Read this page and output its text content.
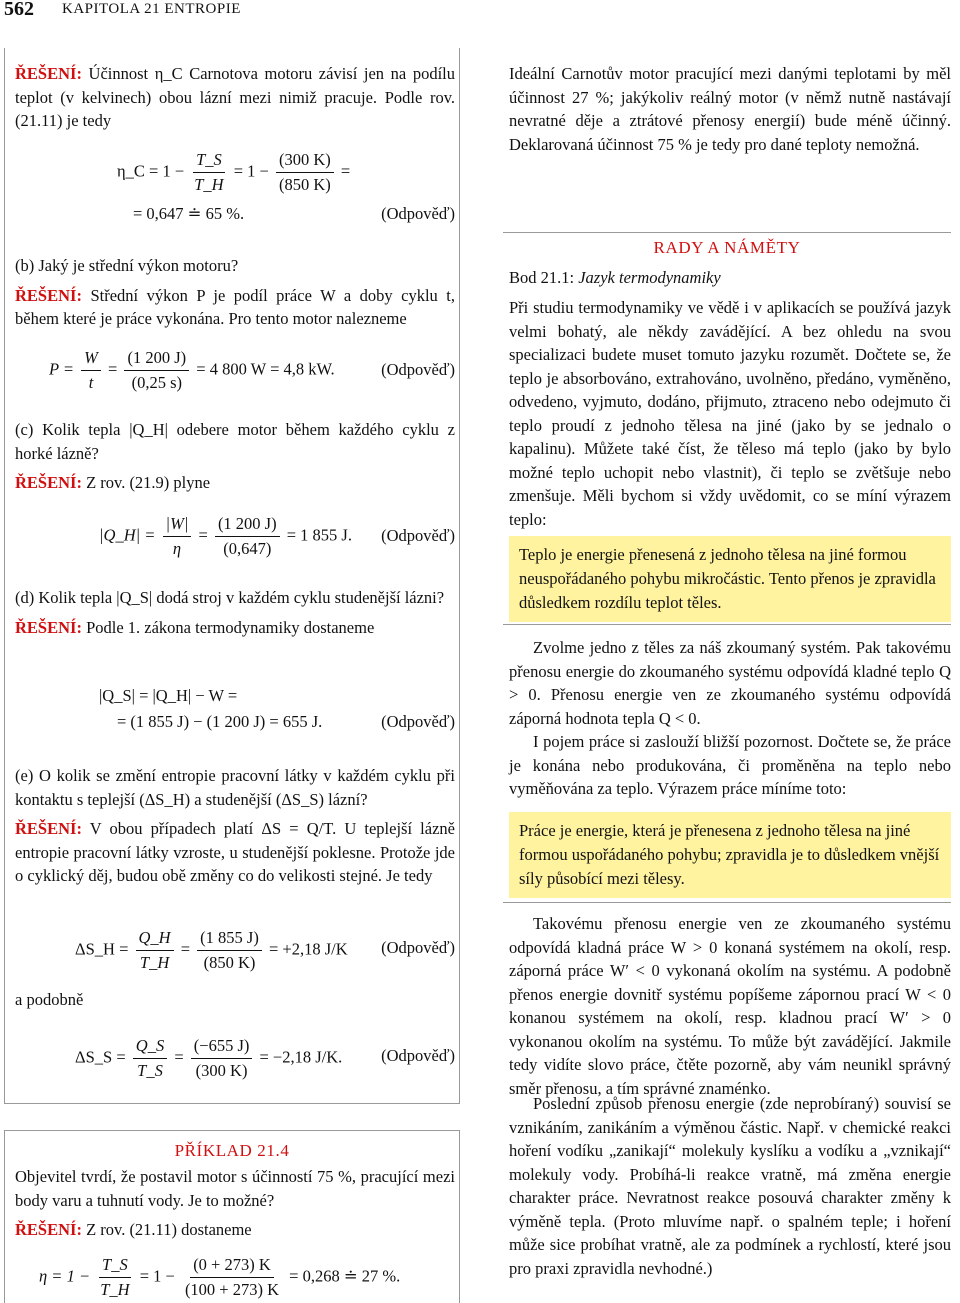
562 KAPITOLA 21 ENTROPIE

ŘEŠENÍ: Účinnost η_C Carnotova motoru závisí jen na podílu teplot (v kelvinech) obou lázní mezi nimiž pracuje. Podle rov. (21.11) je tedy

η_C = $1 - \frac{T\_S}{T\_H} = 1 - \frac{(300 K)}{(850 K)}$ =
= 0,647 ≐ 65 %.	(Odpověď)

(b) Jaký je střední výkon motoru?

ŘEŠENÍ: Střední výkon P je podíl práce W a doby cyklu t, během které je práce vykonána. Pro tento motor nalezneme

$P = \frac{W}{t} = \frac{(1 200 J)}{(0,25 s)} = 4$ 800 W = 4,8 kW.	(Odpověď)

(c) Kolik tepla |Q_H| odebere motor během každého cyklu z horké lázně?

ŘEŠENÍ: Z rov. (21.9) plyne

|Q_H| = $\frac{|W|}{\eta} = \frac{(1 200 J)}{(0,647)} = 1$ 855 J. (Odpověď)

(d) Kolik tepla |Q_S| dodá stroj v každém cyklu studenější lázni?

ŘEŠENÍ: Podle 1. zákona termodynamiky dostaneme

|Q_S| = |Q_H| − W =
= (1 855 J) − (1 200 J) = 655 J.	(Odpověď)

(e) O kolik se změní entropie pracovní látky v každém cyklu při kontaktu s teplejší (ΔS_H) a studenější (ΔS_S) lázní?

ŘEŠENÍ: V obou případech platí ΔS = Q/T. U teplejší lázně entropie pracovní látky vzroste, u studenější poklesne. Protože jde o cyklický děj, budou obě změny co do velikosti stejné. Je tedy

ΔS_H = $\frac{Q\_H}{T\_H} = \frac{(1 855 J)}{(850 K)} = +2,18$ J/K (Odpověď)
a podobně
ΔS_S = $\frac{Q\_S}{T\_S} = \frac{(-655 J)}{(300 K)} = -2,18$ J/K. (Odpověď)
PŘÍKLAD 21.4

Objevitel tvrdí, že postavil motor s účinností 75 %, pracující mezi body varu a tuhnutí vody. Je to možné?

ŘEŠENÍ: Z rov. (21.11) dostaneme

$\eta = 1 - \frac{T\_S}{T\_H} = 1 - \frac{(0 + 273) K}{(100 + 273) K} = 0,268$ ≐ 27 %.

Ideální Carnotův motor pracující mezi danými teplotami by měl účinnost 27 %; jakýkoliv reálný motor (v němž nutně nastávají nevratné děje a ztrátové přenosy energií) bude méně účinný. Deklarovaná účinnost 75 % je tedy pro dané teploty nemožná.

RADY A NÁMĚTY

Bod 21.1: Jazyk termodynamiky

Při studiu termodynamiky ve vědě i v aplikacích se používá jazyk velmi bohatý, ale někdy zavádějící. A bez ohledu na svou specializaci budete muset tomuto jazyku rozumět. Dočtete se, že teplo je absorbováno, extrahováno, uvolněno, předáno, vyměněno, odvedeno, vyjmuto, dodáno, přijmuto, ztraceno nebo odejmuto či teplo proudí z jednoho tělesa na jiné (jako by se jednalo o kapalinu). Můžete také číst, že těleso má teplo (jako by bylo možné teplo uchopit nebo vlastnit), či teplo se zvětšuje nebo zmenšuje. Měli bychom si vždy uvědomit, co se míní výrazem teplo:

Teplo je energie přenesená z jednoho tělesa na jiné formou neuspořádaného pohybu mikročástic. Tento přenos je zpravidla důsledkem rozdílu teplot těles.

Zvolme jedno z těles za náš zkoumaný systém. Pak takovému přenosu energie do zkoumaného systému odpovídá kladné teplo Q > 0. Přenosu energie ven ze zkoumaného systému odpovídá záporná hodnota tepla Q < 0.

I pojem práce si zaslouží bližší pozornost. Dočtete se, že práce je konána nebo produkována, či proměněna na teplo nebo vyměňována za teplo. Výrazem práce míníme toto:

Práce je energie, která je přenesena z jednoho tělesa na jiné formou uspořádaného pohybu; zpravidla je to důsledkem vnější síly působící mezi tělesy.

Takovému přenosu energie ven ze zkoumaného systému odpovídá kladná práce W > 0 konaná systémem na okolí, resp. záporná práce W′ < 0 vykonaná okolím na systému. A podobně přenos energie dovnitř systému popíšeme zápornou prací W < 0 konanou systémem na okolí, resp. kladnou prací W′ > 0 vykonanou okolím na systému. To může být zavádějící. Jakmile tedy vidíte slovo práce, čtěte pozorně, aby vám neunikl správný směr přenosu, a tím správné znaménko.

Poslední způsob přenosu energie (zde neprobíraný) souvisí se vznikáním, zanikáním a výměnou částic. Např. v chemické reakci hoření vodíku „zanikají“ molekuly kyslíku a vodíku a „vznikají“ molekuly vody. Probíhá-li reakce vratně, má změna energie charakter práce. Nevratnost reakce posouvá charakter změny k výměně tepla. (Proto mluvíme např. o spalném teple; i hoření může sice probíhat vratně, ale za podmínek a rychlostí, které jsou pro praxi zpravidla nevhodné.)
